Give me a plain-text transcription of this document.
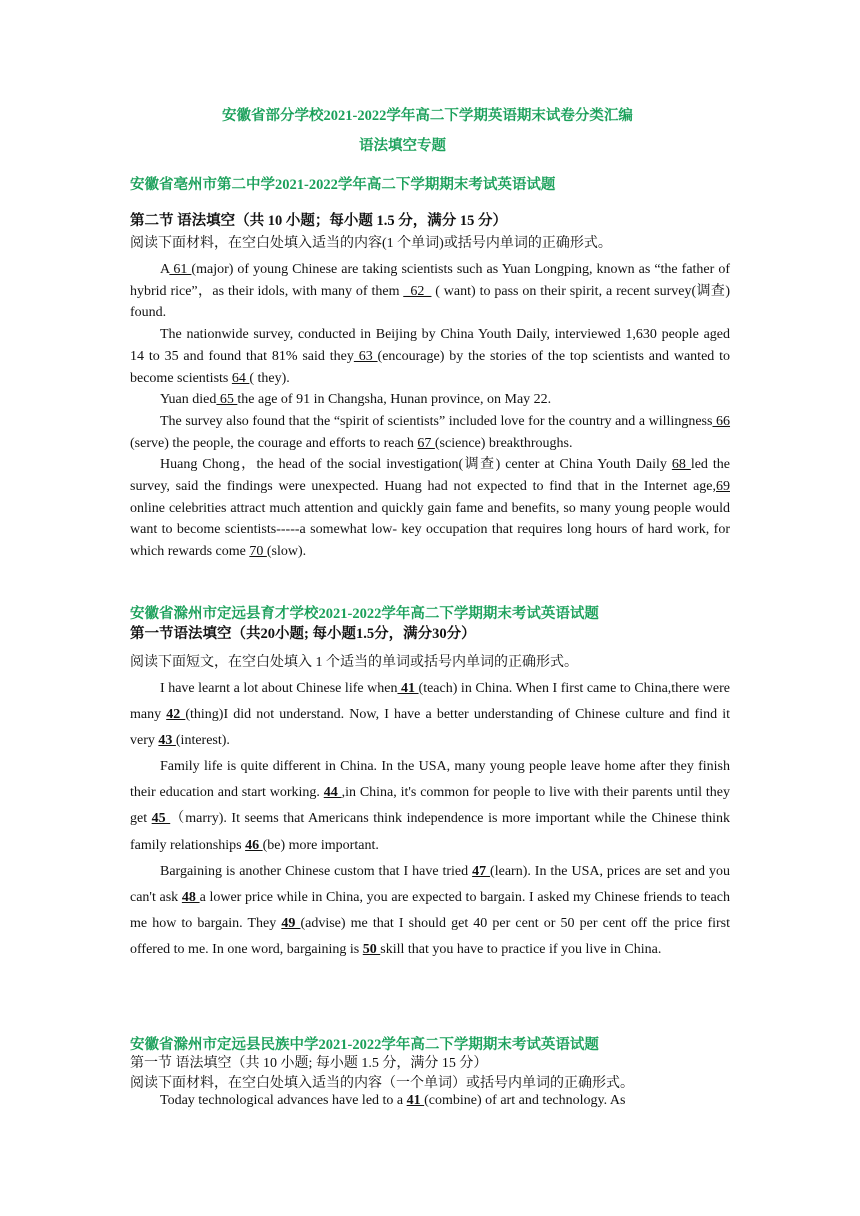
安徽省部分学校2021-2022学年高二下学期英语期末试卷分类汇编
语法填空专题
安徽省亳州市第二中学2021-2022学年高二下学期期末考试英语试题
第二节 语法填空（共 10 小题；每小题 1.5 分，满分 15 分）
阅读下面材料，在空白处填入适当的内容(1 个单词)或括号内单词的正确形式。

A 61 (major) of young Chinese are taking scientists such as Yuan Longping, known as “the father of hybrid rice”，as their idols, with many of them _62_ ( want) to pass on their spirit, a recent survey(调查) found.

The nationwide survey, conducted in Beijing by China Youth Daily, interviewed 1,630 people aged 14 to 35 and found that 81% said they 63 (encourage) by the stories of the top scientists and wanted to become scientists 64 ( they).

Yuan died 65 the age of 91 in Changsha, Hunan province, on May 22.

The survey also found that the “spirit of scientists” included love for the country and a willingness 66 (serve) the people, the courage and efforts to reach 67 (science) breakthroughs.

Huang Chong，the head of the social investigation(调查) center at China Youth Daily 68 led the survey, said the findings were unexpected. Huang had not expected to find that in the Internet age,69 online celebrities attract much attention and quickly gain fame and benefits, so many young people would want to become scientists-----a somewhat low- key occupation that requires long hours of hard work, for which rewards come 70 (slow).

安徽省滁州市定远县育才学校2021-2022学年高二下学期期末考试英语试题
第一节语法填空（共20小题; 每小题1.5分，满分30分）
阅读下面短文，在空白处填入 1 个适当的单词或括号内单词的正确形式。

I have learnt a lot about Chinese life when 41 (teach) in China. When I first came to China,there were many 42 (thing)I did not understand. Now, I have a better understanding of Chinese culture and find it very 43 (interest).

Family life is quite different in China. In the USA, many young people leave home after they finish their education and start working. 44 ,in China, it's common for people to live with their parents until they get 45 （marry). It seems that Americans think independence is more important while the Chinese think family relationships 46 (be) more important.

Bargaining is another Chinese custom that I have tried 47 (learn). In the USA, prices are set and you can't ask 48 a lower price while in China, you are expected to bargain. I asked my Chinese friends to teach me how to bargain. They 49 (advise) me that I should get 40 per cent or 50 per cent off the price first offered to me. In one word, bargaining is 50 skill that you have to practice if you live in China.

安徽省滁州市定远县民族中学2021-2022学年高二下学期期末考试英语试题
第一节 语法填空（共 10 小题; 每小题 1.5 分，满分 15 分）
阅读下面材料，在空白处填入适当的内容（一个单词）或括号内单词的正确形式。

Today technological advances have led to a 41 (combine) of art and technology. As
